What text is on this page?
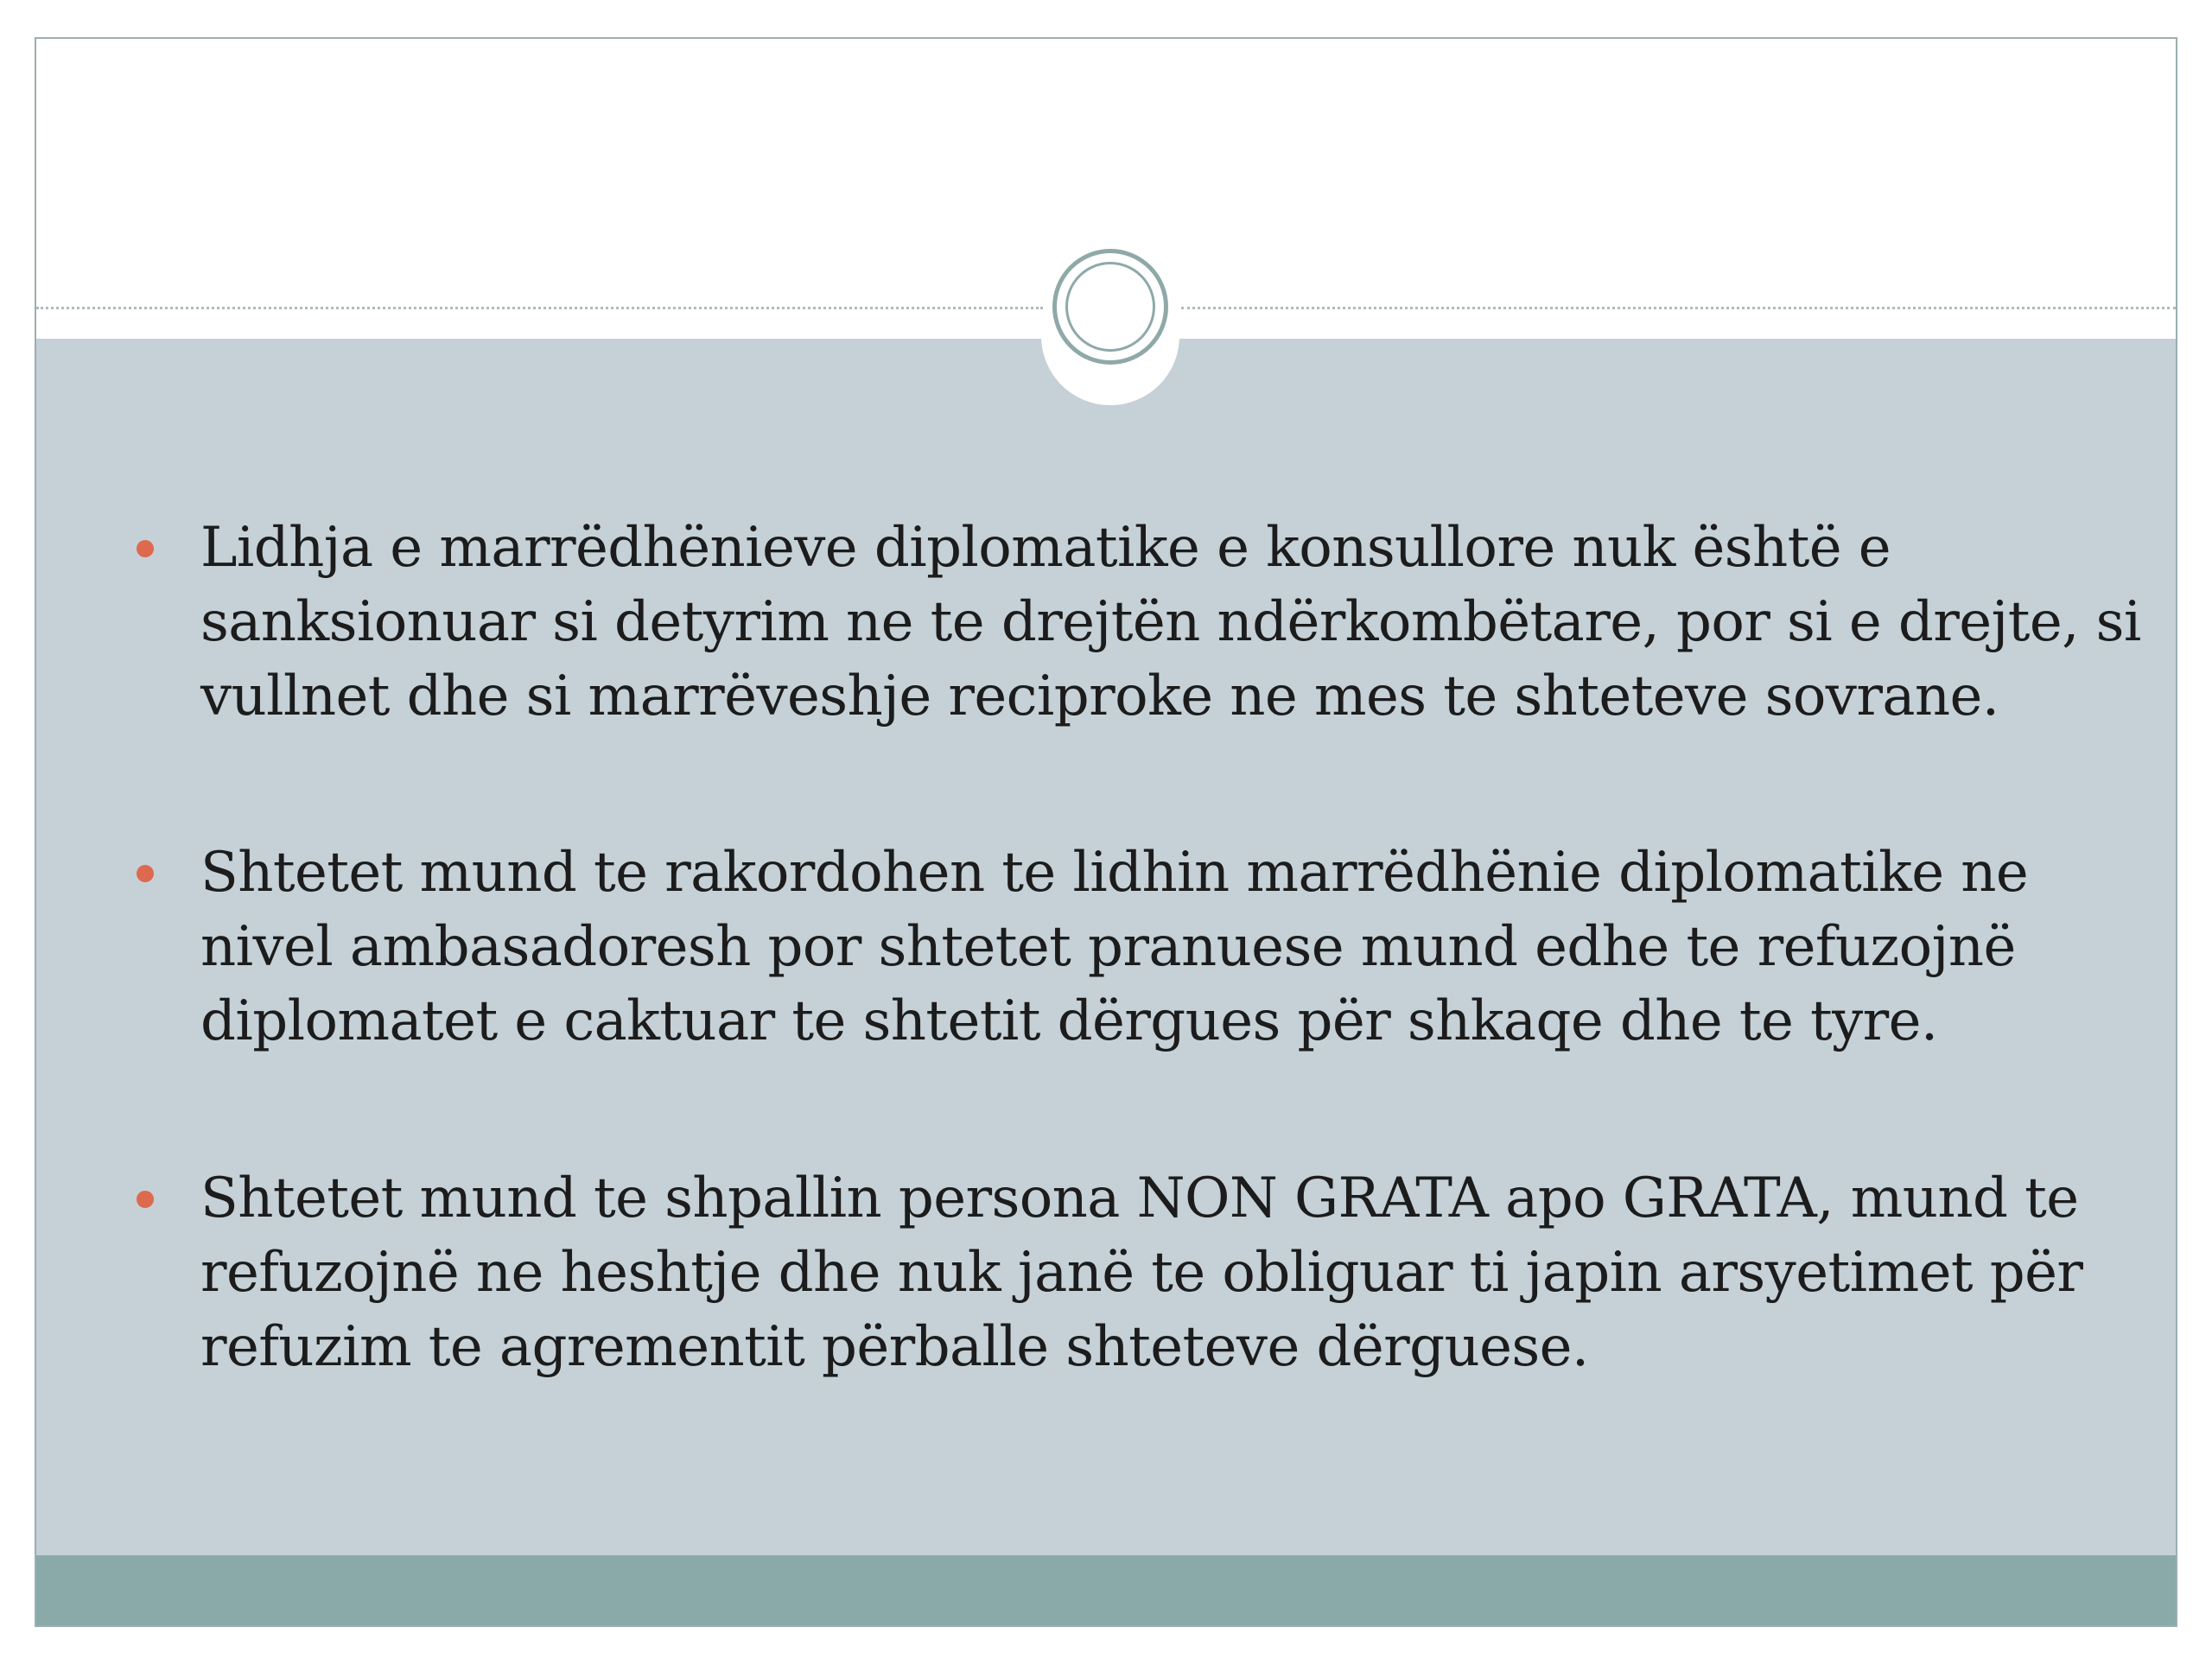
Lidhja e marrëdhënieve diplomatike e konsullore nuk është e sanksionuar si detyrim ne te drejtën ndërkombëtare, por si e drejte, si vullnet dhe si marrëveshje reciproke ne mes te shteteve sovrane.
Shtetet mund te rakordohen te lidhin marrëdhënie diplomatike ne nivel ambasadoresh por shtetet pranuese mund edhe te refuzojnë diplomatet e caktuar te shtetit dërgues për shkaqe dhe te tyre.
Shtetet mund te shpallin persona NON GRATA apo GRATA, mund te refuzojnë ne heshtje dhe nuk janë te obliguar ti japin arsyetimet për refuzim te agrementit përballe shteteve dërguese.
